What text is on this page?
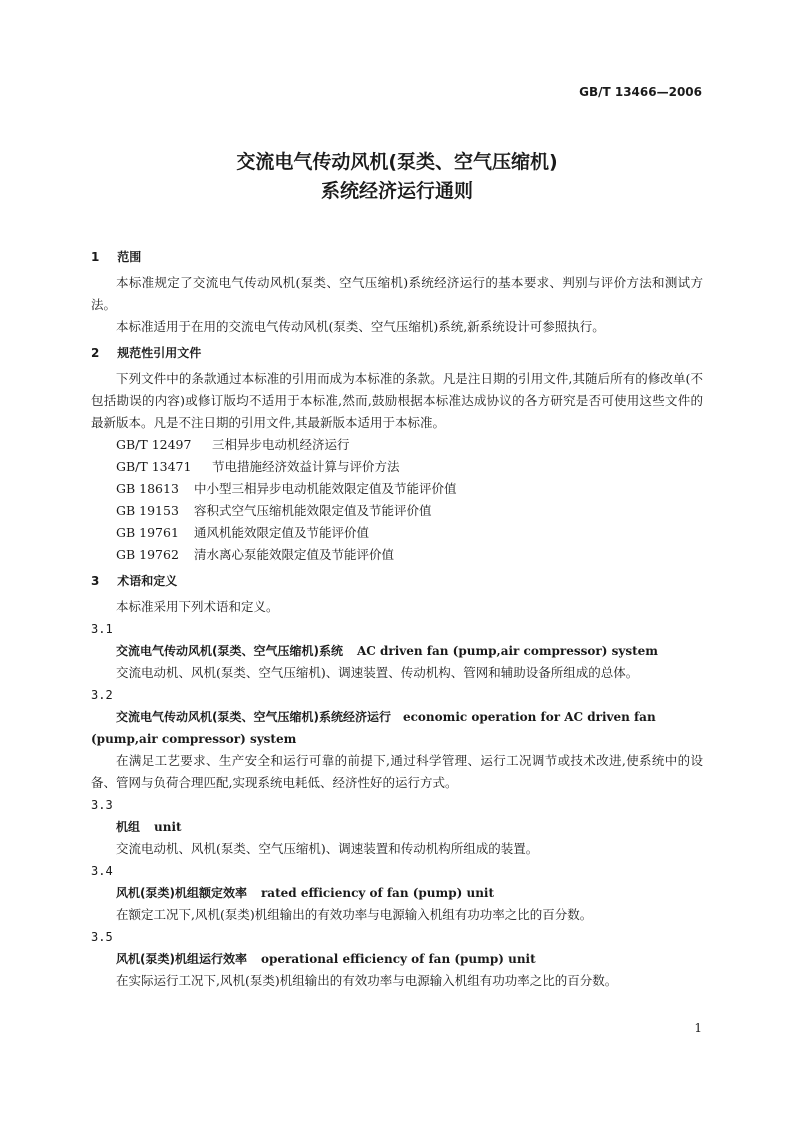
GB/T 13466—2006
交流电气传动风机(泵类、空气压缩机)
系统经济运行通则
1 范围

本标准规定了交流电气传动风机(泵类、空气压缩机)系统经济运行的基本要求、判别与评价方法和测试方法。

本标准适用于在用的交流电气传动风机(泵类、空气压缩机)系统,新系统设计可参照执行。

2 规范性引用文件

下列文件中的条款通过本标准的引用而成为本标准的条款。凡是注日期的引用文件,其随后所有的修改单(不包括勘误的内容)或修订版均不适用于本标准,然而,鼓励根据本标准达成协议的各方研究是否可使用这些文件的最新版本。凡是不注日期的引用文件,其最新版本适用于本标准。

GB/T 12497 三相异步电动机经济运行
GB/T 13471 节电措施经济效益计算与评价方法
GB 18613 中小型三相异步电动机能效限定值及节能评价值
GB 19153 容积式空气压缩机能效限定值及节能评价值
GB 19761 通风机能效限定值及节能评价值
GB 19762 清水离心泵能效限定值及节能评价值
3 术语和定义

本标准采用下列术语和定义。

3.1
交流电气传动风机(泵类、空气压缩机)系统 AC driven fan (pump,air compressor) system

交流电动机、风机(泵类、空气压缩机)、调速装置、传动机构、管网和辅助设备所组成的总体。

3.2
交流电气传动风机(泵类、空气压缩机)系统经济运行 economic operation for AC driven fan
(pump,air compressor) system

在满足工艺要求、生产安全和运行可靠的前提下,通过科学管理、运行工况调节或技术改进,使系统中的设备、管网与负荷合理匹配,实现系统电耗低、经济性好的运行方式。

3.3
机组 unit

交流电动机、风机(泵类、空气压缩机)、调速装置和传动机构所组成的装置。

3.4
风机(泵类)机组额定效率 rated efficiency of fan (pump) unit

在额定工况下,风机(泵类)机组输出的有效功率与电源输入机组有功功率之比的百分数。

3.5
风机(泵类)机组运行效率 operational efficiency of fan (pump) unit

在实际运行工况下,风机(泵类)机组输出的有效功率与电源输入机组有功功率之比的百分数。

1
